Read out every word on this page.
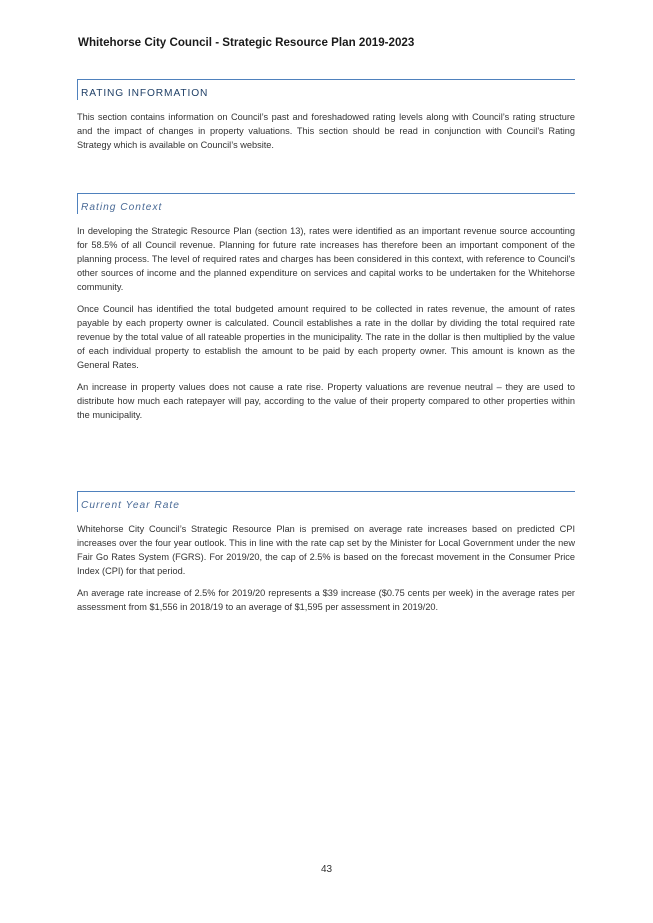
Whitehorse City Council - Strategic Resource Plan 2019-2023
RATING INFORMATION

This section contains information on Council’s past and foreshadowed rating levels along with Council’s rating structure and the impact of changes in property valuations. This section should be read in conjunction with Council’s Rating Strategy which is available on Council’s website.

Rating Context

In developing the Strategic Resource Plan (section 13), rates were identified as an important revenue source accounting for 58.5% of all Council revenue. Planning for future rate increases has therefore been an important component of the planning process. The level of required rates and charges has been considered in this context, with reference to Council's other sources of income and the planned expenditure on services and capital works to be undertaken for the Whitehorse community.

Once Council has identified the total budgeted amount required to be collected in rates revenue, the amount of rates payable by each property owner is calculated. Council establishes a rate in the dollar by dividing the total required rate revenue by the total value of all rateable properties in the municipality. The rate in the dollar is then multiplied by the value of each individual property to establish the amount to be paid by each property owner. This amount is known as the General Rates.

An increase in property values does not cause a rate rise. Property valuations are revenue neutral – they are used to distribute how much each ratepayer will pay, according to the value of their property compared to other properties within the municipality.

Current Year Rate

Whitehorse City Council’s Strategic Resource Plan is premised on average rate increases based on predicted CPI increases over the four year outlook. This in line with the rate cap set by the Minister for Local Government under the new Fair Go Rates System (FGRS). For 2019/20, the cap of 2.5% is based on the forecast movement in the Consumer Price Index (CPI) for that period.

An average rate increase of 2.5% for 2019/20 represents a $39 increase ($0.75 cents per week) in the average rates per assessment from $1,556 in 2018/19 to an average of $1,595 per assessment in 2019/20.

43
